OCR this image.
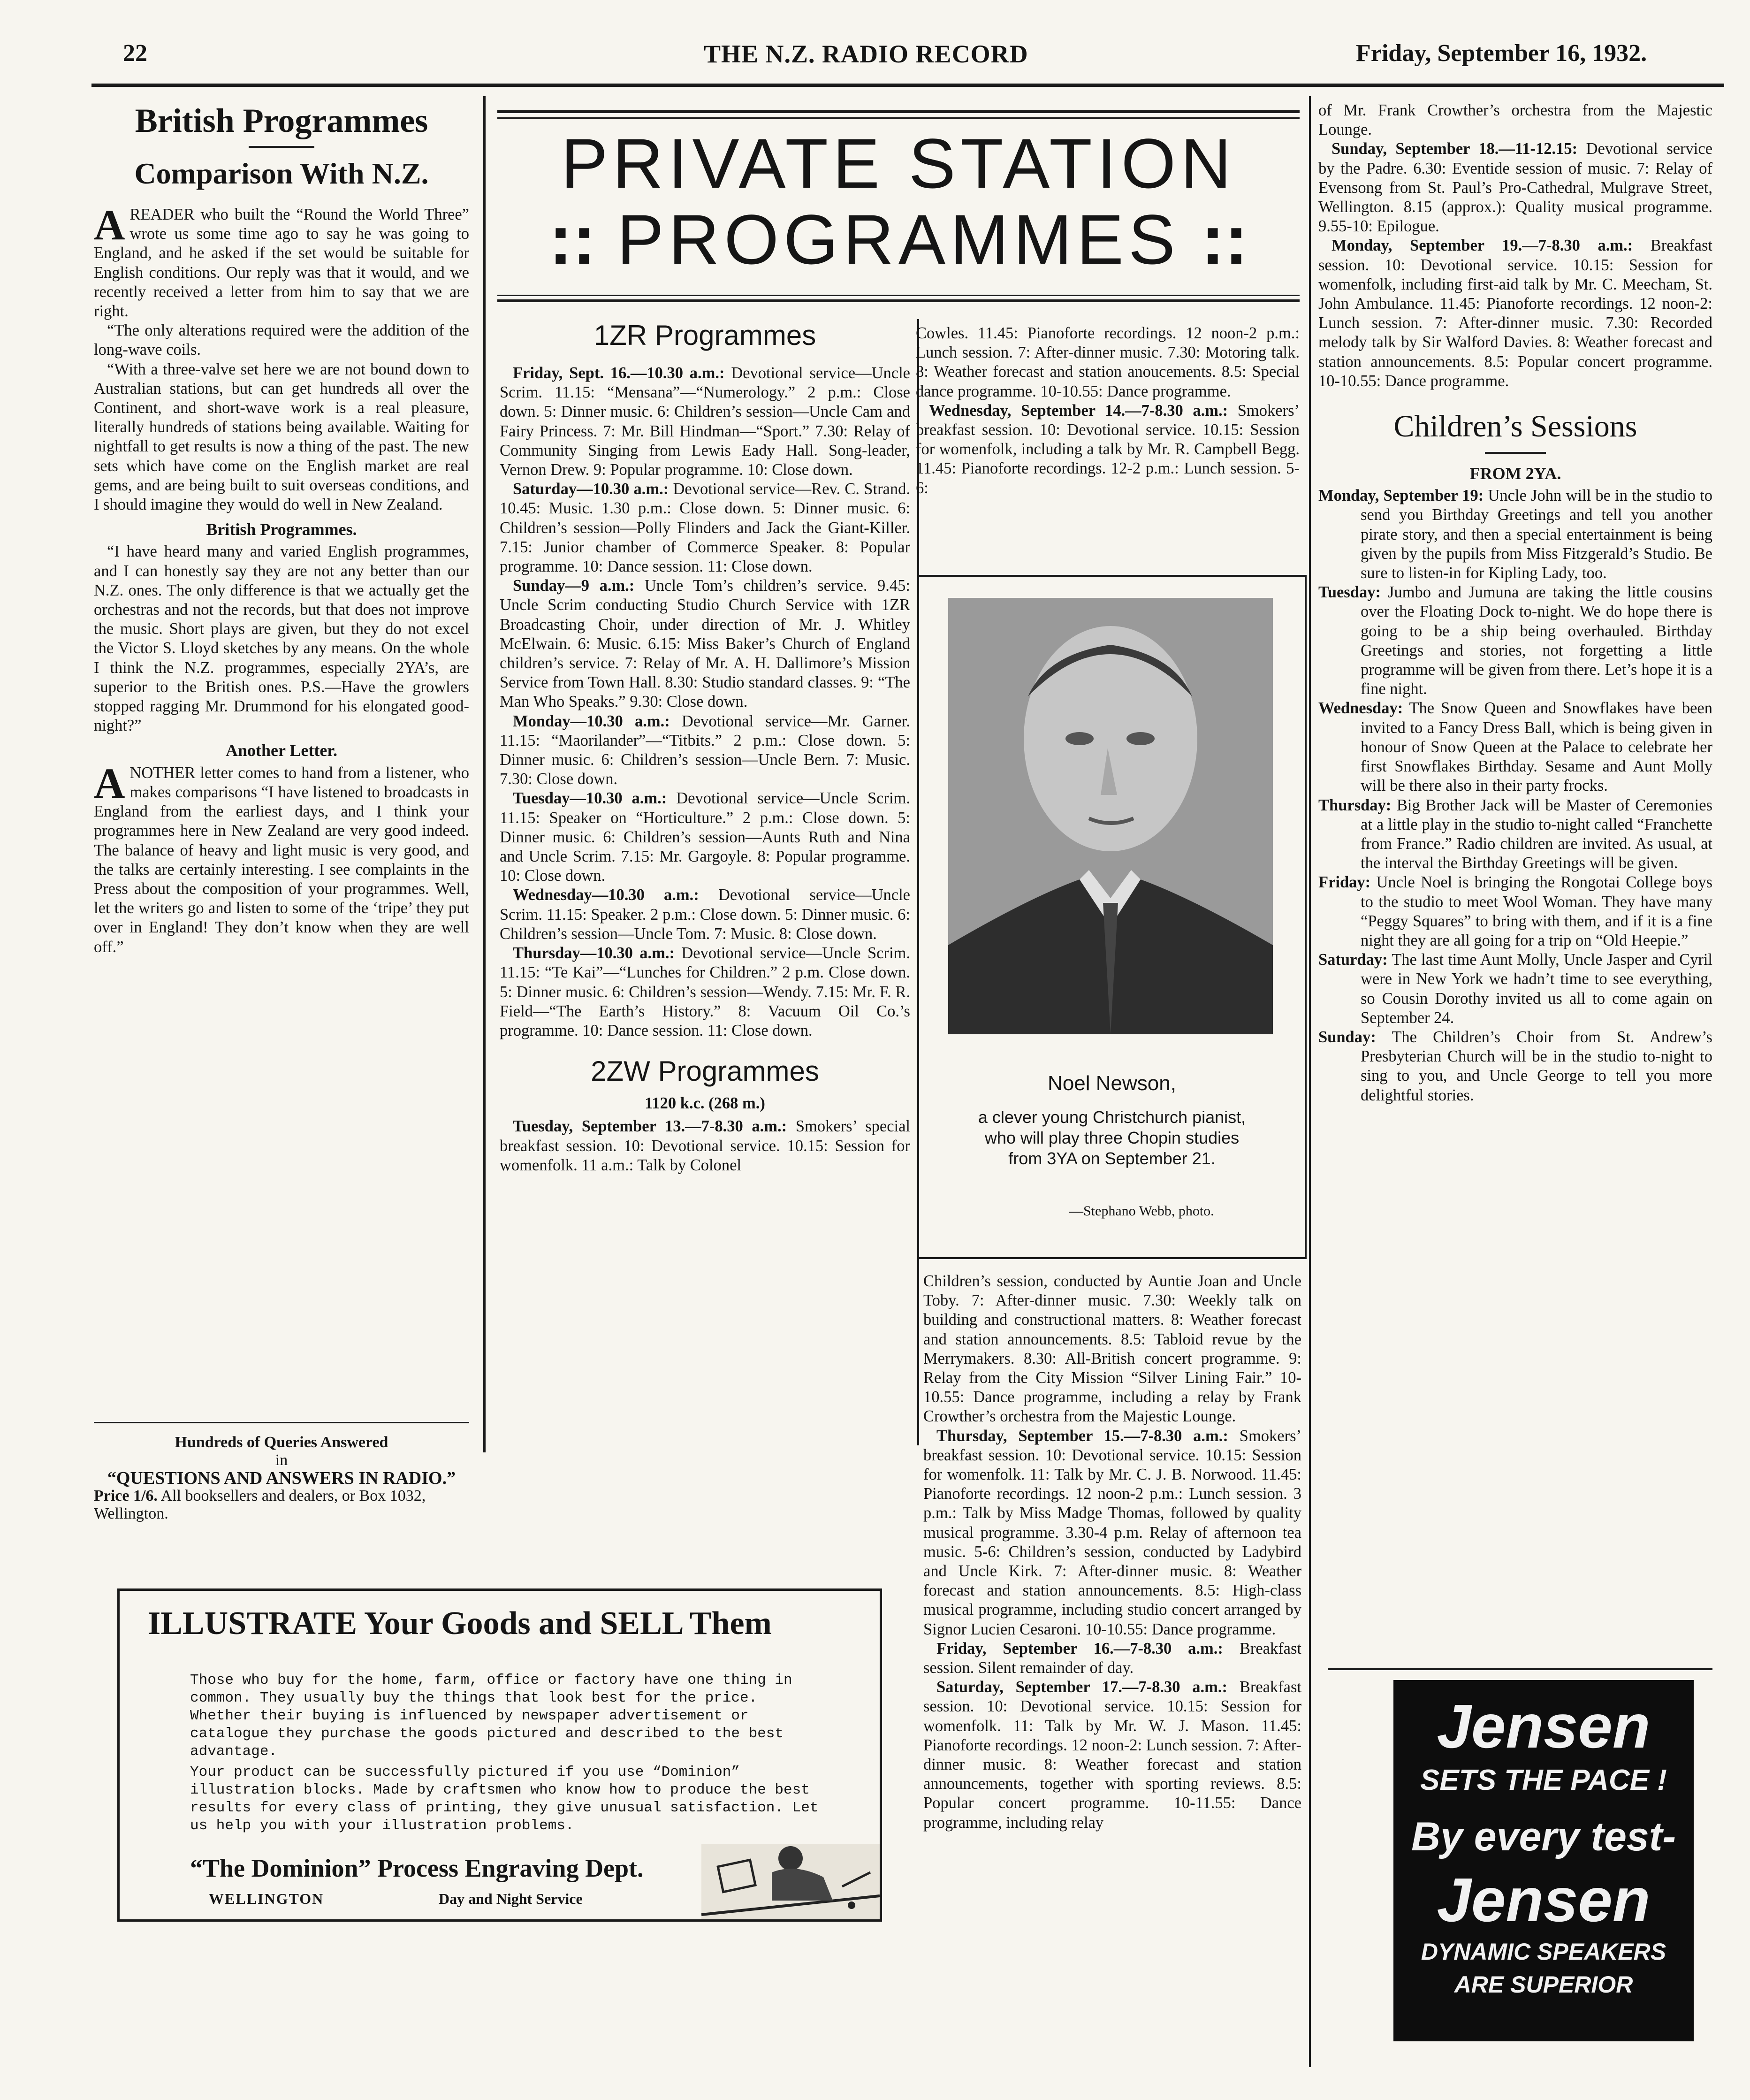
22	THE N.Z. RADIO RECORD	Friday, September 16, 1932.
British Programmes
Comparison With N.Z.

AREADER who built the “Round the World Three” wrote us some time ago to say he was going to England, and he asked if the set would be suitable for English conditions. Our reply was that it would, and we recently received a letter from him to say that we are right.

“The only alterations required were the addition of the long-wave coils.

“With a three-valve set here we are not bound down to Australian stations, but can get hundreds all over the Continent, and short-wave work is a real pleasure, literally hundreds of stations being available. Waiting for nightfall to get results is now a thing of the past. The new sets which have come on the English market are real gems, and are being built to suit overseas conditions, and I should imagine they would do well in New Zealand.

British Programmes.

“I have heard many and varied English programmes, and I can honestly say they are not any better than our N.Z. ones. The only difference is that we actually get the orchestras and not the records, but that does not improve the music. Short plays are given, but they do not excel the Victor S. Lloyd sketches by any means. On the whole I think the N.Z. programmes, especially 2YA’s, are superior to the British ones. P.S.—Have the growlers stopped ragging Mr. Drummond for his elongated good-night?”

Another Letter.

ANOTHER letter comes to hand from a listener, who makes comparisons “I have listened to broadcasts in England from the earliest days, and I think your programmes here in New Zealand are very good indeed. The balance of heavy and light music is very good, and the talks are certainly interesting. I see complaints in the Press about the composition of your programmes. Well, let the writers go and listen to some of the ‘tripe’ they put over in England! They don’t know when they are well off.”

Hundreds of Queries Answered
in
“QUESTIONS AND ANSWERS IN RADIO.”
Price 1/6. All booksellers and dealers, or Box 1032, Wellington.
ILLUSTRATE Your Goods and SELL Them
Those who buy for the home, farm, office or factory have one thing in common. They usually buy the things that look best for the price. Whether their buying is influenced by newspaper advertisement or catalogue they purchase the goods pictured and described to the best advantage.
Your product can be successfully pictured if you use “Dominion” illustration blocks. Made by craftsmen who know how to produce the best results for every class of printing, they give unusual satisfaction. Let us help you with your illustration problems.
“The Dominion” Process Engraving Dept.
WELLINGTON	Day and Night Service
PRIVATE STATION
:: PROGRAMMES ::
1ZR Programmes

Friday, Sept. 16.—10.30 a.m.: Devotional service—Uncle Scrim. 11.15: “Mensana”—“Numerology.” 2 p.m.: Close down. 5: Dinner music. 6: Children’s session—Uncle Cam and Fairy Princess. 7: Mr. Bill Hindman—“Sport.” 7.30: Relay of Community Singing from Lewis Eady Hall. Song-leader, Vernon Drew. 9: Popular programme. 10: Close down.

Saturday—10.30 a.m.: Devotional service—Rev. C. Strand. 10.45: Music. 1.30 p.m.: Close down. 5: Dinner music. 6: Children’s session—Polly Flinders and Jack the Giant-Killer. 7.15: Junior chamber of Commerce Speaker. 8: Popular programme. 10: Dance session. 11: Close down.

Sunday—9 a.m.: Uncle Tom’s children’s service. 9.45: Uncle Scrim conducting Studio Church Service with 1ZR Broadcasting Choir, under direction of Mr. J. Whitley McElwain. 6: Music. 6.15: Miss Baker’s Church of England children’s service. 7: Relay of Mr. A. H. Dallimore’s Mission Service from Town Hall. 8.30: Studio standard classes. 9: “The Man Who Speaks.” 9.30: Close down.

Monday—10.30 a.m.: Devotional service—Mr. Garner. 11.15: “Maorilander”—“Titbits.” 2 p.m.: Close down. 5: Dinner music. 6: Children’s session—Uncle Bern. 7: Music. 7.30: Close down.

Tuesday—10.30 a.m.: Devotional service—Uncle Scrim. 11.15: Speaker on “Horticulture.” 2 p.m.: Close down. 5: Dinner music. 6: Children’s session—Aunts Ruth and Nina and Uncle Scrim. 7.15: Mr. Gargoyle. 8: Popular programme. 10: Close down.

Wednesday—10.30 a.m.: Devotional service—Uncle Scrim. 11.15: Speaker. 2 p.m.: Close down. 5: Dinner music. 6: Children’s session—Uncle Tom. 7: Music. 8: Close down.

Thursday—10.30 a.m.: Devotional service—Uncle Scrim. 11.15: “Te Kai”—“Lunches for Children.” 2 p.m. Close down. 5: Dinner music. 6: Children’s session—Wendy. 7.15: Mr. F. R. Field—“The Earth’s History.” 8: Vacuum Oil Co.’s programme. 10: Dance session. 11: Close down.

2ZW Programmes
1120 k.c. (268 m.)

Tuesday, September 13.—7-8.30 a.m.: Smokers’ special breakfast session. 10: Devotional service. 10.15: Session for womenfolk. 11 a.m.: Talk by Colonel

Cowles. 11.45: Pianoforte recordings. 12 noon-2 p.m.: Lunch session. 7: After-dinner music. 7.30: Motoring talk. 8: Weather forecast and station anoucements. 8.5: Special dance programme. 10-10.55: Dance programme.

Wednesday, September 14.—7-8.30 a.m.: Smokers’ breakfast session. 10: Devotional service. 10.15: Session for womenfolk, including a talk by Mr. R. Campbell Begg. 11.45: Pianoforte recordings. 12-2 p.m.: Lunch session. 5-6:

Noel Newson,
a clever young Christchurch pianist, who will play three Chopin studies from 3YA on September 21.
—Stephano Webb, photo.

Children’s session, conducted by Auntie Joan and Uncle Toby. 7: After-dinner music. 7.30: Weekly talk on building and constructional matters. 8: Weather forecast and station announcements. 8.5: Tabloid revue by the Merrymakers. 8.30: All-British concert programme. 9: Relay from the City Mission “Silver Lining Fair.” 10-10.55: Dance programme, including a relay by Frank Crowther’s orchestra from the Majestic Lounge.

Thursday, September 15.—7-8.30 a.m.: Smokers’ breakfast session. 10: Devotional service. 10.15: Session for womenfolk. 11: Talk by Mr. C. J. B. Norwood. 11.45: Pianoforte recordings. 12 noon-2 p.m.: Lunch session. 3 p.m.: Talk by Miss Madge Thomas, followed by quality musical programme. 3.30-4 p.m. Relay of afternoon tea music. 5-6: Children’s session, conducted by Ladybird and Uncle Kirk. 7: After-dinner music. 8: Weather forecast and station announcements. 8.5: High-class musical programme, including studio concert arranged by Signor Lucien Cesaroni. 10-10.55: Dance programme.

Friday, September 16.—7-8.30 a.m.: Breakfast session. Silent remainder of day.

Saturday, September 17.—7-8.30 a.m.: Breakfast session. 10: Devotional service. 10.15: Session for womenfolk. 11: Talk by Mr. W. J. Mason. 11.45: Pianoforte recordings. 12 noon-2: Lunch session. 7: After-dinner music. 8: Weather forecast and station announcements, together with sporting reviews. 8.5: Popular concert programme. 10-11.55: Dance programme, including relay

of Mr. Frank Crowther’s orchestra from the Majestic Lounge.

Sunday, September 18.—11-12.15: Devotional service by the Padre. 6.30: Eventide session of music. 7: Relay of Evensong from St. Paul’s Pro-Cathedral, Mulgrave Street, Wellington. 8.15 (approx.): Quality musical programme. 9.55-10: Epilogue.

Monday, September 19.—7-8.30 a.m.: Breakfast session. 10: Devotional service. 10.15: Session for womenfolk, including first-aid talk by Mr. C. Meecham, St. John Ambulance. 11.45: Pianoforte recordings. 12 noon-2: Lunch session. 7: After-dinner music. 7.30: Recorded melody talk by Sir Walford Davies. 8: Weather forecast and station announcements. 8.5: Popular concert programme. 10-10.55: Dance programme.

Children’s Sessions
FROM 2YA.

Monday, September 19: Uncle John will be in the studio to send you Birthday Greetings and tell you another pirate story, and then a special entertainment is being given by the pupils from Miss Fitzgerald’s Studio. Be sure to listen-in for Kipling Lady, too.

Tuesday: Jumbo and Jumuna are taking the little cousins over the Floating Dock to-night. We do hope there is going to be a ship being overhauled. Birthday Greetings and stories, not forgetting a little programme will be given from there. Let’s hope it is a fine night.

Wednesday: The Snow Queen and Snowflakes have been invited to a Fancy Dress Ball, which is being given in honour of Snow Queen at the Palace to celebrate her first Snowflakes Birthday. Sesame and Aunt Molly will be there also in their party frocks.

Thursday: Big Brother Jack will be Master of Ceremonies at a little play in the studio to-night called “Franchette from France.” Radio children are invited. As usual, at the interval the Birthday Greetings will be given.

Friday: Uncle Noel is bringing the Rongotai College boys to the studio to meet Wool Woman. They have many “Peggy Squares” to bring with them, and if it is a fine night they are all going for a trip on “Old Heepie.”

Saturday: The last time Aunt Molly, Uncle Jasper and Cyril were in New York we hadn’t time to see everything, so Cousin Dorothy invited us all to come again on September 24.

Sunday: The Children’s Choir from St. Andrew’s Presbyterian Church will be in the studio to-night to sing to you, and Uncle George to tell you more delightful stories.

Jensen
SETS THE PACE !
By every test-
Jensen
DYNAMIC SPEAKERS
ARE SUPERIOR
